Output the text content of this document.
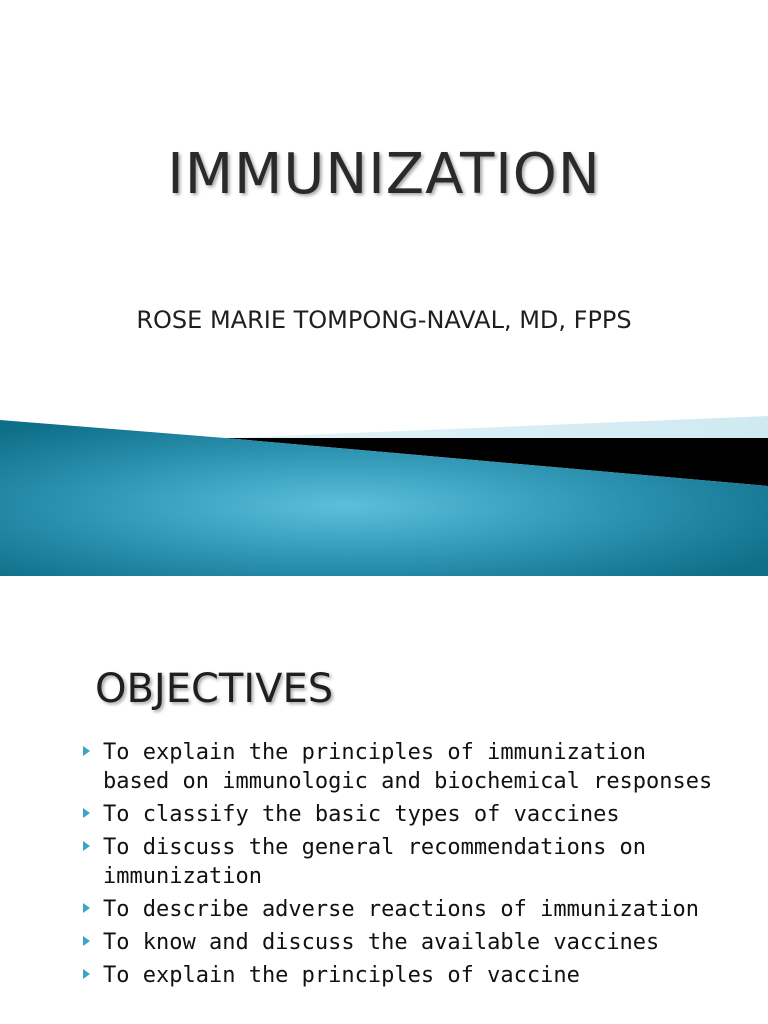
IMMUNIZATION

ROSE MARIE TOMPONG-NAVAL, MD, FPPS

OBJECTIVES
To explain the principles of immunization based on immunologic and biochemical responses
To classify the basic types of vaccines
To discuss the general recommendations on immunization
To describe adverse reactions of immunization
To know and discuss the available vaccines
To explain the principles of vaccine
